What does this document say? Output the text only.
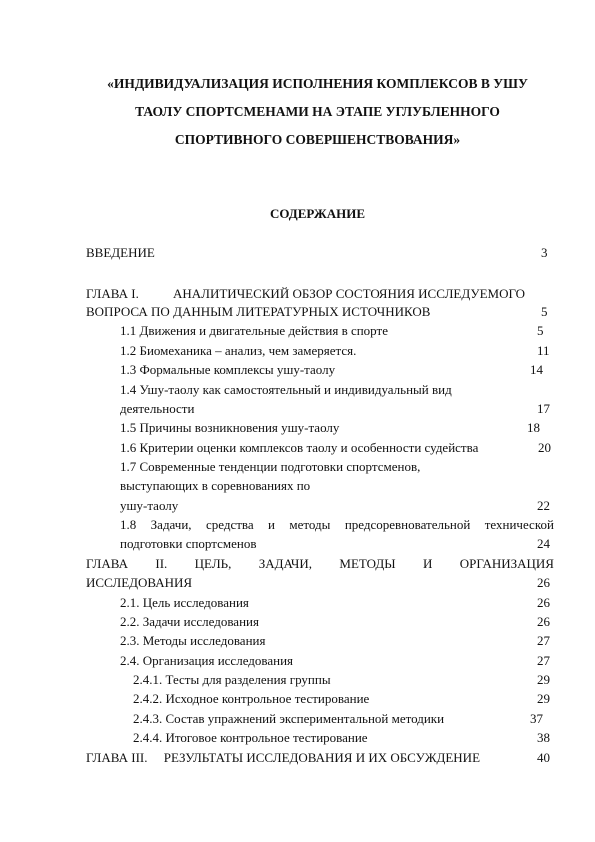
«ИНДИВИДУАЛИЗАЦИЯ ИСПОЛНЕНИЯ КОМПЛЕКСОВ В УШУ
ТАОЛУ СПОРТСМЕНАМИ НА ЭТАПЕ УГЛУБЛЕННОГО
СПОРТИВНОГО СОВЕРШЕНСТВОВАНИЯ»
СОДЕРЖАНИЕ
ВВЕДЕНИЕ	3
ГЛАВА I.	АНАЛИТИЧЕСКИЙ ОБЗОР СОСТОЯНИЯ ИССЛЕДУЕМОГО
ВОПРОСА ПО ДАННЫМ ЛИТЕРАТУРНЫХ ИСТОЧНИКОВ	5
1.1 Движения и двигательные действия в спорте	5
1.2 Биомеханика – анализ, чем замеряется.	11
1.3 Формальные комплексы ушу-таолу	14
1.4 Ушу-таолу как самостоятельный и индивидуальный вид
деятельности	17
1.5 Причины возникновения ушу-таолу	18
1.6 Критерии оценки комплексов таолу и особенности судейства	20
1.7 Современные тенденции подготовки спортсменов,
выступающих в соревнованиях по
ушу-таолу	22
1.8 Задачи, средства и методы предсоревновательной технической
подготовки спортсменов	24
ГЛАВА II. ЦЕЛЬ, ЗАДАЧИ, МЕТОДЫ И ОРГАНИЗАЦИЯ
ИССЛЕДОВАНИЯ	26
2.1. Цель исследования	26
2.2. Задачи исследования	26
2.3. Методы исследования	27
2.4. Организация исследования	27
2.4.1. Тесты для разделения группы	29
2.4.2. Исходное контрольное тестирование	29
2.4.3. Состав упражнений экспериментальной методики	37
2.4.4. Итоговое контрольное тестирование	38
ГЛАВА III.     РЕЗУЛЬТАТЫ ИССЛЕДОВАНИЯ И ИХ ОБСУЖДЕНИЕ	40
